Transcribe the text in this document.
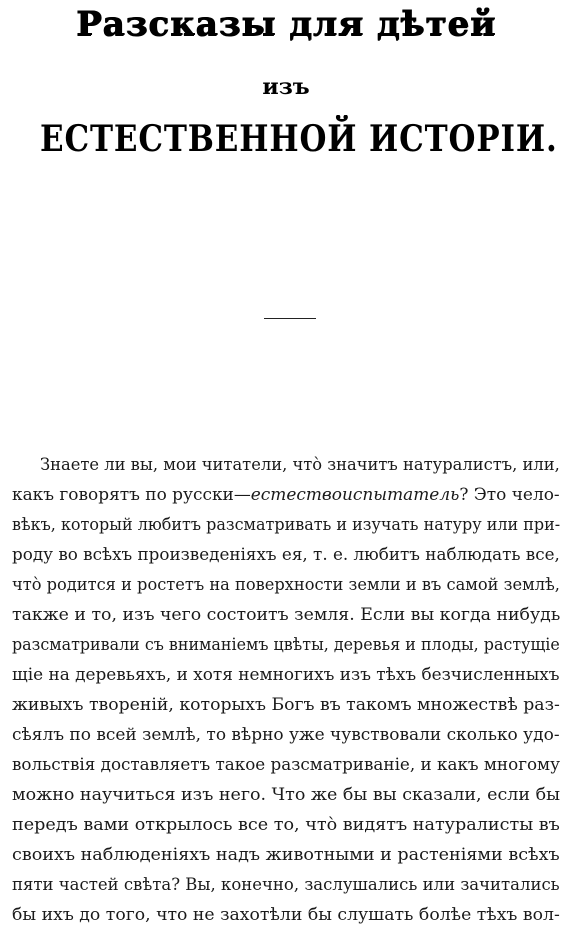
Разсказы для дѣтей
изъ
ЕСТЕСТВЕННОЙ ИСТОРІИ.
Знаете ли вы, мои читатели, что̀ значитъ натуралистъ, или,
какъ говорятъ по русски—естествоиспытатель? Это чело-
вѣкъ, который любитъ разсматривать и изучать натуру или при-
роду во всѣхъ произведеніяхъ ея, т. е. любитъ наблюдать все,
что̀ родится и ростетъ на поверхности земли и въ самой землѣ,
также и то, изъ чего состоитъ земля. Если вы когда нибудь
разсматривали съ вниманіемъ цвѣты, деревья и плоды, растущіе
щіе на деревьяхъ, и хотя немногихъ изъ тѣхъ безчисленныхъ
живыхъ твореній, которыхъ Богъ въ такомъ множествѣ раз-
сѣялъ по всей землѣ, то вѣрно уже чувствовали сколько удо-
вольствія доставляетъ такое разсматриваніе, и какъ многому
можно научиться изъ него. Что же бы вы сказали, если бы
передъ вами открылось все то, что̀ видятъ натуралисты въ
своихъ наблюденіяхъ надъ животными и растеніями всѣхъ
пяти частей свѣта? Вы, конечно, заслушались или зачитались
бы ихъ до того, что не захотѣли бы слушать болѣе тѣхъ вол-
